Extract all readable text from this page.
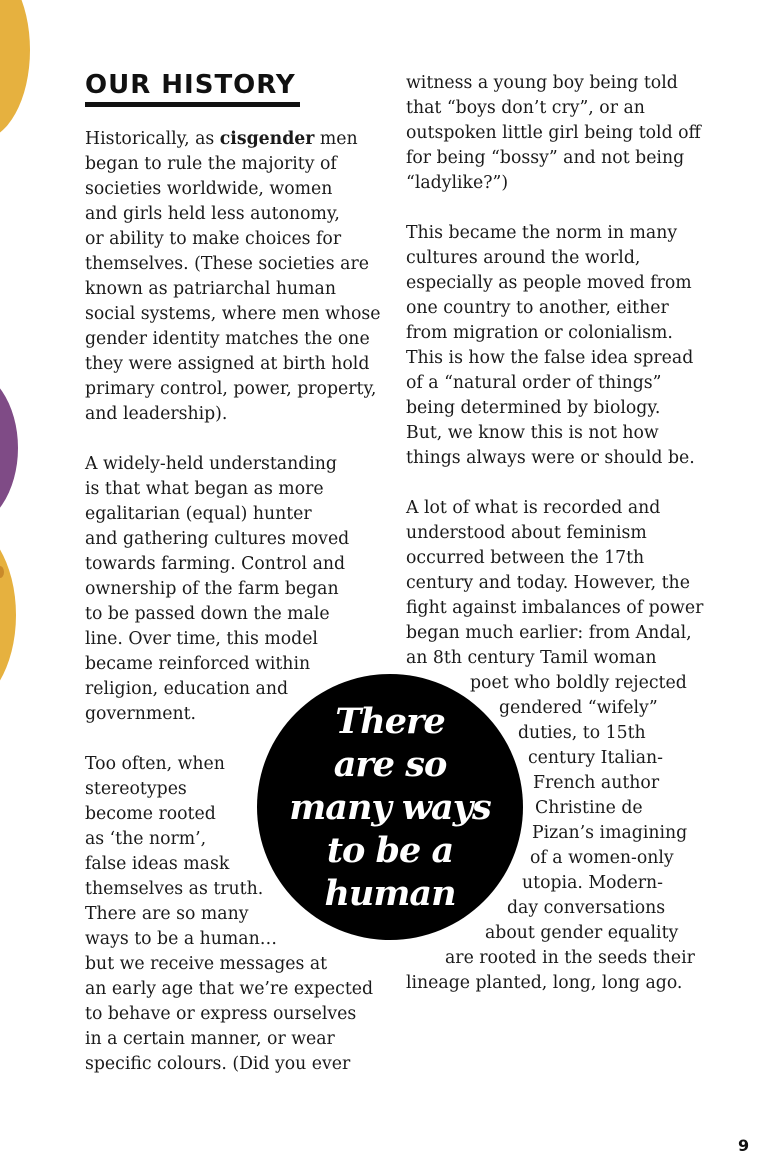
OUR HISTORY
Historically, as cisgender men
began to rule the majority of
societies worldwide, women
and girls held less autonomy,
or ability to make choices for
themselves. (These societies are
known as patriarchal human
social systems, where men whose
gender identity matches the one
they were assigned at birth hold
primary control, power, property,
and leadership).
A widely-held understanding
is that what began as more
egalitarian (equal) hunter
and gathering cultures moved
towards farming. Control and
ownership of the farm began
to be passed down the male
line. Over time, this model
became reinforced within
religion, education and
government.
Too often, when
stereotypes
become rooted
as ‘the norm’,
false ideas mask
themselves as truth.
There are so many
ways to be a human…
but we receive messages at
an early age that we’re expected
to behave or express ourselves
in a certain manner, or wear
specific colours. (Did you ever
witness a young boy being told
that “boys don’t cry”, or an
outspoken little girl being told off
for being “bossy” and not being
“ladylike?”)
This became the norm in many
cultures around the world,
especially as people moved from
one country to another, either
from migration or colonialism.
This is how the false idea spread
of a “natural order of things”
being determined by biology.
But, we know this is not how
things always were or should be.
A lot of what is recorded and
understood about feminism
occurred between the 17th
century and today. However, the
fight against imbalances of power
began much earlier: from Andal,
an 8th century Tamil woman
poet who boldly rejected
gendered “wifely”
duties, to 15th
century Italian-
French author
Christine de
Pizan’s imagining
of a women-only
utopia. Modern-
day conversations
about gender equality
are rooted in the seeds their
lineage planted, long, long ago.
There
are so
many ways
to be a
human
9
